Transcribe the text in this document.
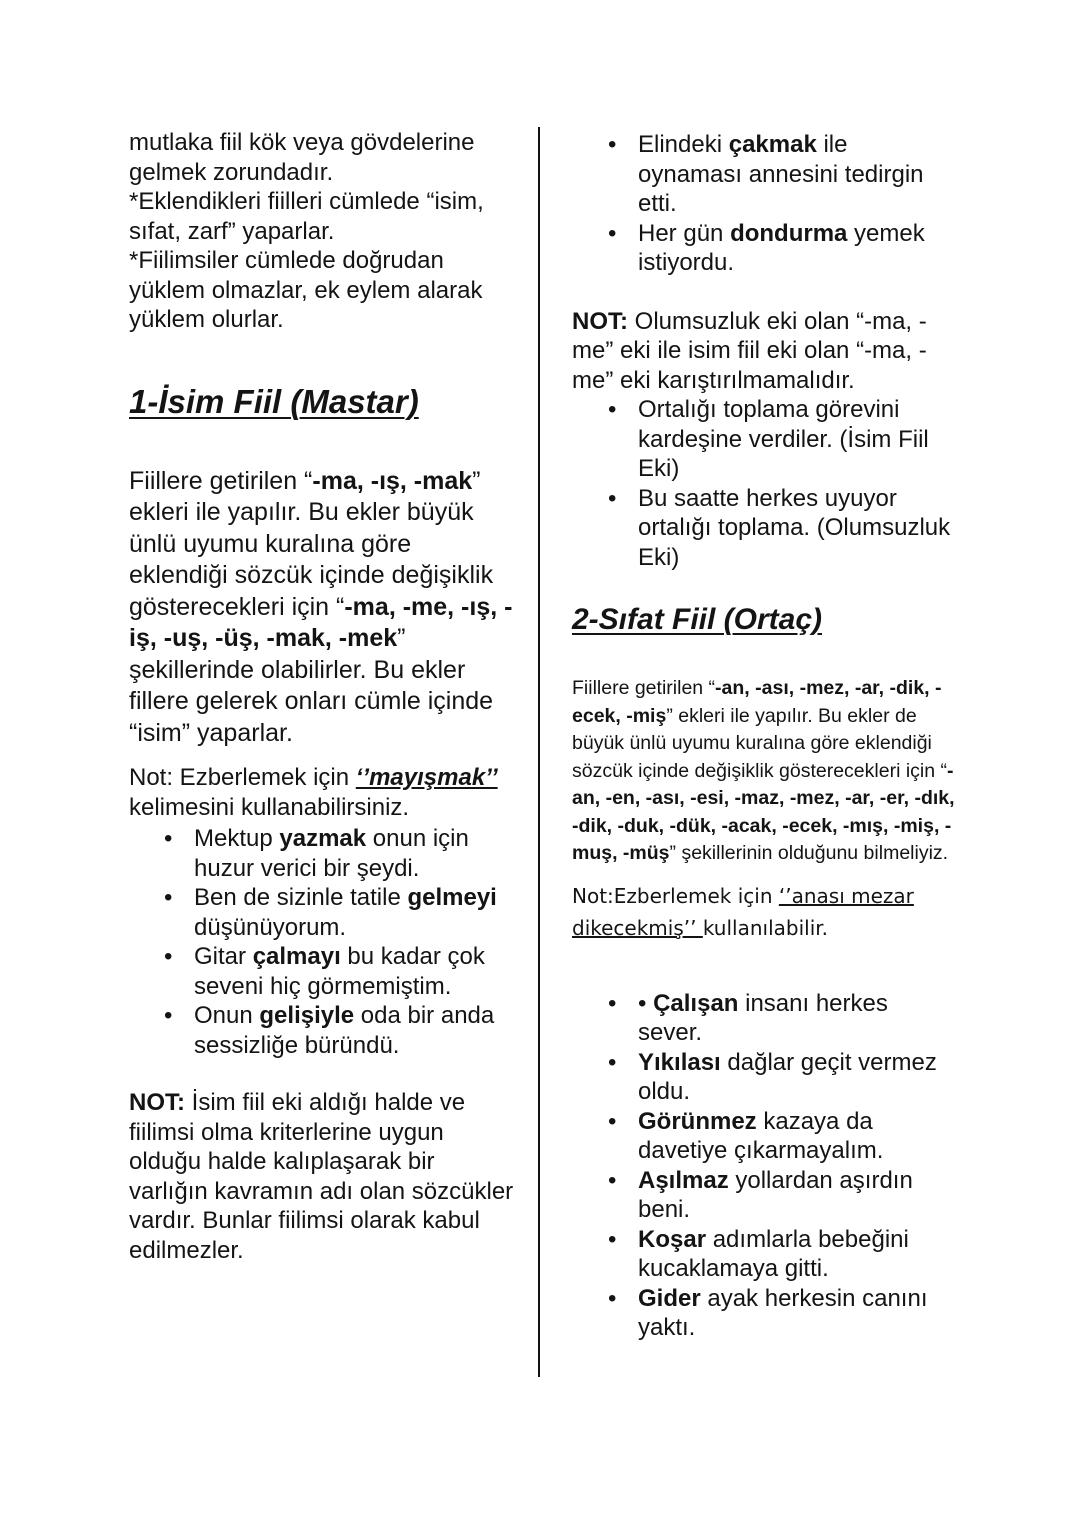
mutlaka fiil kök veya gövdelerine gelmek zorundadır.

*Eklendikleri fiilleri cümlede “isim, sıfat, zarf” yaparlar.

*Fiilimsiler cümlede doğrudan yüklem olmazlar, ek eylem alarak yüklem olurlar.

1-İsim Fiil (Mastar)

Fiillere getirilen “-ma, -ış, -mak” ekleri ile yapılır. Bu ekler büyük ünlü uyumu kuralına göre eklendiği sözcük içinde değişiklik gösterecekleri için “-ma, -me, -ış, -iş, -uş, -üş, -mak, -mek” şekillerinde olabilirler. Bu ekler fillere gelerek onları cümle içinde “isim” yaparlar.

Not: Ezberlemek için ‘’mayışmak’’ kelimesini kullanabilirsiniz.

• Mektup yazmak onun için huzur verici bir şeydi.
• Ben de sizinle tatile gelmeyi düşünüyorum.
• Gitar çalmayı bu kadar çok seveni hiç görmemiştim.
• Onun gelişiyle oda bir anda sessizliğe büründü.

NOT: İsim fiil eki aldığı halde ve fiilimsi olma kriterlerine uygun olduğu halde kalıplaşarak bir varlığın kavramın adı olan sözcükler vardır. Bunlar fiilimsi olarak kabul edilmezler.

• Elindeki çakmak ile oynaması annesini tedirgin etti.
• Her gün dondurma yemek istiyordu.

NOT: Olumsuzluk eki olan “-ma, -me” eki ile isim fiil eki olan “-ma, -me” eki karıştırılmamalıdır.

• Ortalığı toplama görevini kardeşine verdiler. (İsim Fiil Eki)
• Bu saatte herkes uyuyor ortalığı toplama. (Olumsuzluk Eki)
2-Sıfat Fiil (Ortaç)

Fiillere getirilen “-an, -ası, -mez, -ar, -dik, -ecek, -miş” ekleri ile yapılır. Bu ekler de büyük ünlü uyumu kuralına göre eklendiği sözcük içinde değişiklik gösterecekleri için “-an, -en, -ası, -esi, -maz, -mez, -ar, -er, -dık, -dik, -duk, -dük, -acak, -ecek, -mış, -miş, -muş, -müş” şekillerinin olduğunu bilmeliyiz.

Not:Ezberlemek için ‘’anası mezar dikecekmiş’’ kullanılabilir.

• • Çalışan insanı herkes sever.
• Yıkılası dağlar geçit vermez oldu.
• Görünmez kazaya da davetiye çıkarmayalım.
• Aşılmaz yollardan aşırdın beni.
• Koşar adımlarla bebeğini kucaklamaya gitti.
• Gider ayak herkesin canını yaktı.
